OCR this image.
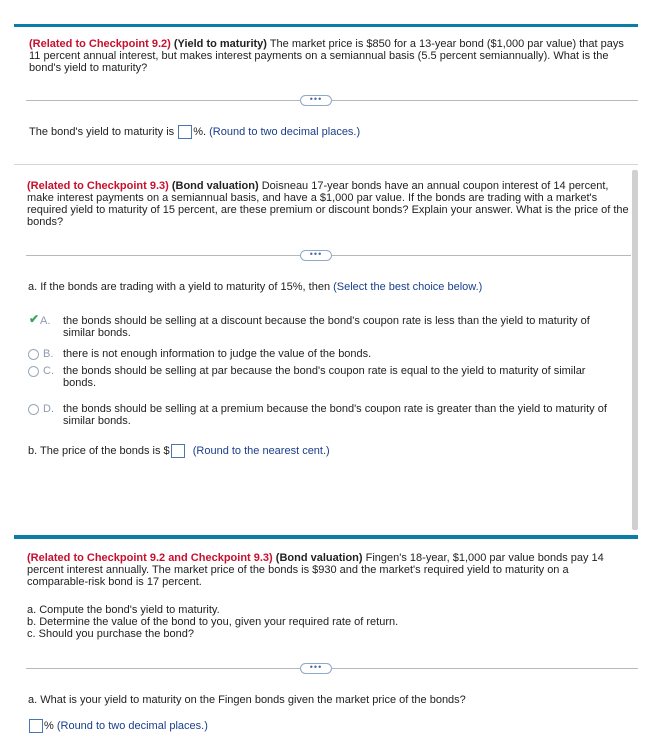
(Related to Checkpoint 9.2) (Yield to maturity) The market price is $850 for a 13-year bond ($1,000 par value) that pays 11 percent annual interest, but makes interest payments on a semiannual basis (5.5 percent semiannually). What is the bond's yield to maturity?
•••
The bond's yield to maturity is %. (Round to two decimal places.)
(Related to Checkpoint 9.3) (Bond valuation) Doisneau 17-year bonds have an annual coupon interest of 14 percent, make interest payments on a semiannual basis, and have a $1,000 par value. If the bonds are trading with a market's required yield to maturity of 15 percent, are these premium or discount bonds? Explain your answer. What is the price of the bonds?
•••
a. If the bonds are trading with a yield to maturity of 15%, then (Select the best choice below.)
✔ A. the bonds should be selling at a discount because the bond's coupon rate is less than the yield to maturity of
similar bonds.
B. there is not enough information to judge the value of the bonds.
C. the bonds should be selling at par because the bond's coupon rate is equal to the yield to maturity of similar
bonds.
D. the bonds should be selling at a premium because the bond's coupon rate is greater than the yield to maturity of
similar bonds.
b. The price of the bonds is $ (Round to the nearest cent.)
(Related to Checkpoint 9.2 and Checkpoint 9.3) (Bond valuation) Fingen's 18-year, $1,000 par value bonds pay 14 percent interest annually. The market price of the bonds is $930 and the market's required yield to maturity on a comparable-risk bond is 17 percent.
a. Compute the bond's yield to maturity.
b. Determine the value of the bond to you, given your required rate of return.
c. Should you purchase the bond?
•••
a. What is your yield to maturity on the Fingen bonds given the market price of the bonds?
% (Round to two decimal places.)
